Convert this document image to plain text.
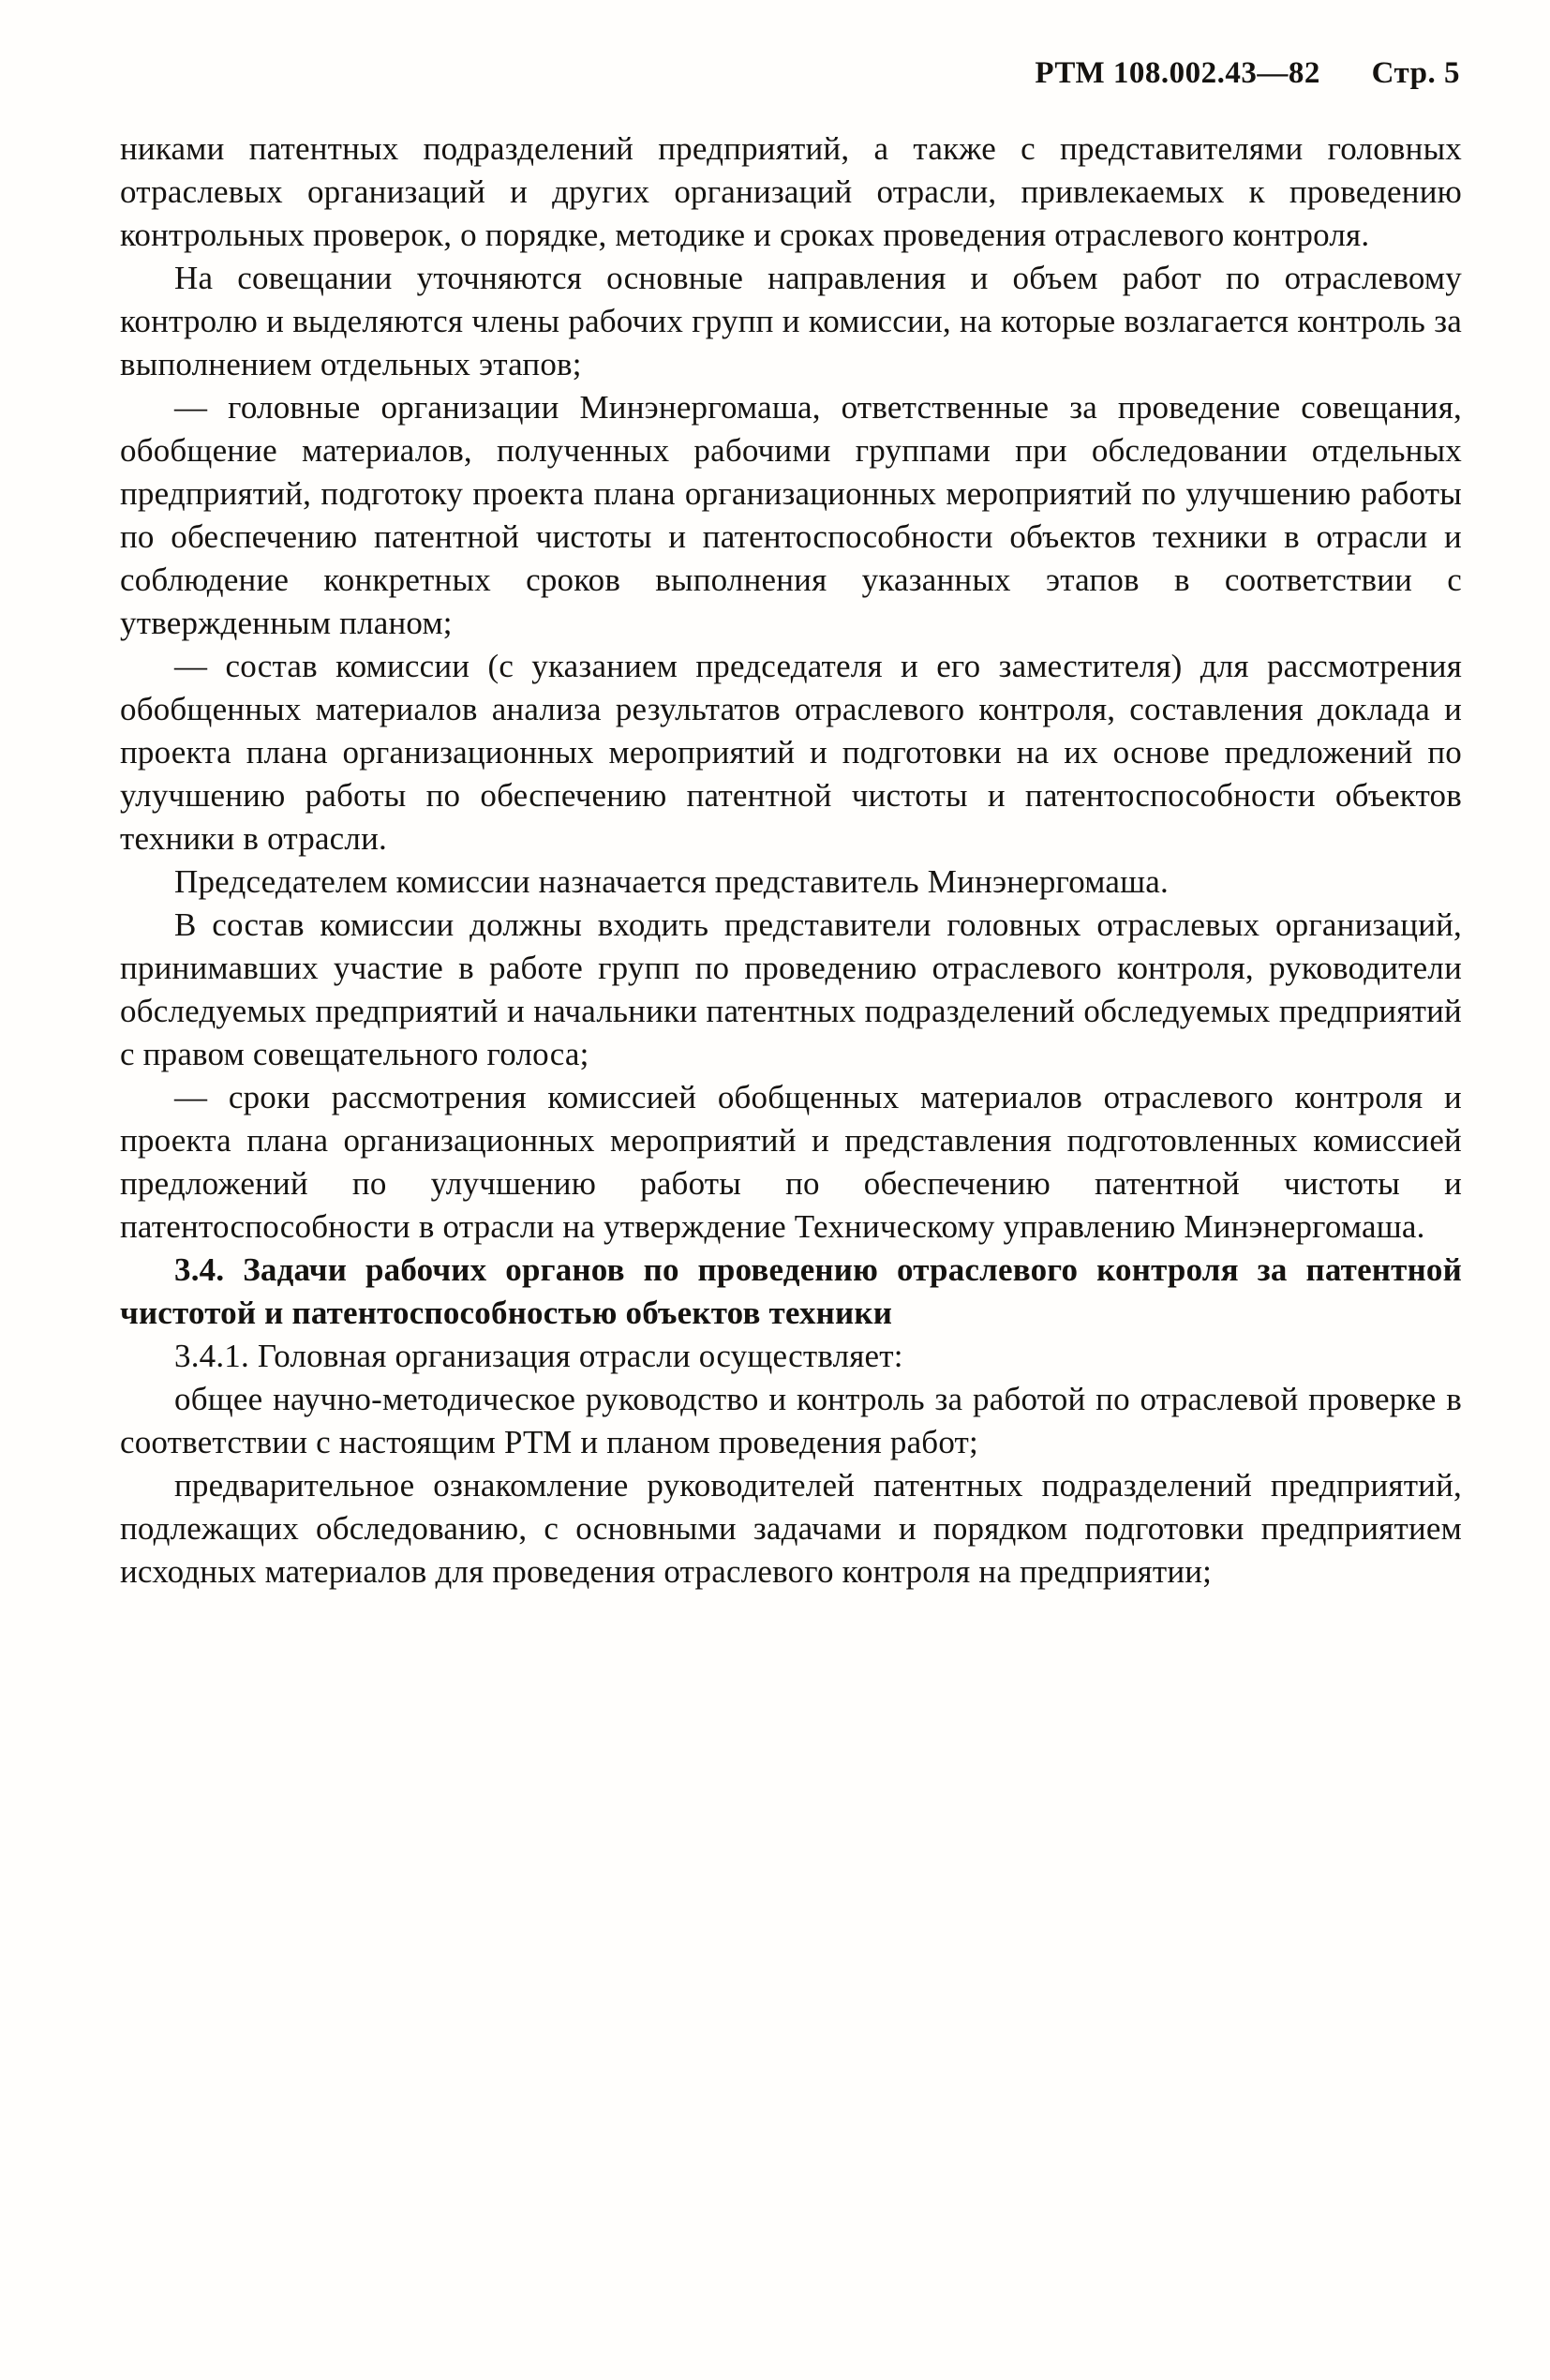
РТМ 108.002.43—82 Стр. 5

никами патентных подразделений предприятий, а также с представителями головных отраслевых организаций и других организаций отрасли, привлекаемых к проведению контрольных проверок, о порядке, методике и сроках проведения отраслевого контроля.

На совещании уточняются основные направления и объем работ по отраслевому контролю и выделяются члены рабочих групп и комиссии, на которые возлагается контроль за выполнением отдельных этапов;

— головные организации Минэнергомаша, ответственные за проведение совещания, обобщение материалов, полученных рабочими группами при обследовании отдельных предприятий, подготоку проекта плана организационных мероприятий по улучшению работы по обеспечению патентной чистоты и патентоспособности объектов техники в отрасли и соблюдение конкретных сроков выполнения указанных этапов в соответствии с утвержденным планом;

— состав комиссии (с указанием председателя и его заместителя) для рассмотрения обобщенных материалов анализа результатов отраслевого контроля, составления доклада и проекта плана организационных мероприятий и подготовки на их основе предложений по улучшению работы по обеспечению патентной чистоты и патентоспособности объектов техники в отрасли.

Председателем комиссии назначается представитель Минэнергомаша.

В состав комиссии должны входить представители головных отраслевых организаций, принимавших участие в работе групп по проведению отраслевого контроля, руководители обследуемых предприятий и начальники патентных подразделений обследуемых предприятий с правом совещательного голоса;

— сроки рассмотрения комиссией обобщенных материалов отраслевого контроля и проекта плана организационных мероприятий и представления подготовленных комиссией предложений по улучшению работы по обеспечению патентной чистоты и патентоспособности в отрасли на утверждение Техническому управлению Минэнергомаша.

3.4. Задачи рабочих органов по проведению отраслевого контроля за патентной чистотой и патентоспособностью объектов техники

3.4.1. Головная организация отрасли осуществляет:

общее научно-методическое руководство и контроль за работой по отраслевой проверке в соответствии с настоящим РТМ и планом проведения работ;

предварительное ознакомление руководителей патентных подразделений предприятий, подлежащих обследованию, с основными задачами и порядком подготовки предприятием исходных материалов для проведения отраслевого контроля на предприятии;
